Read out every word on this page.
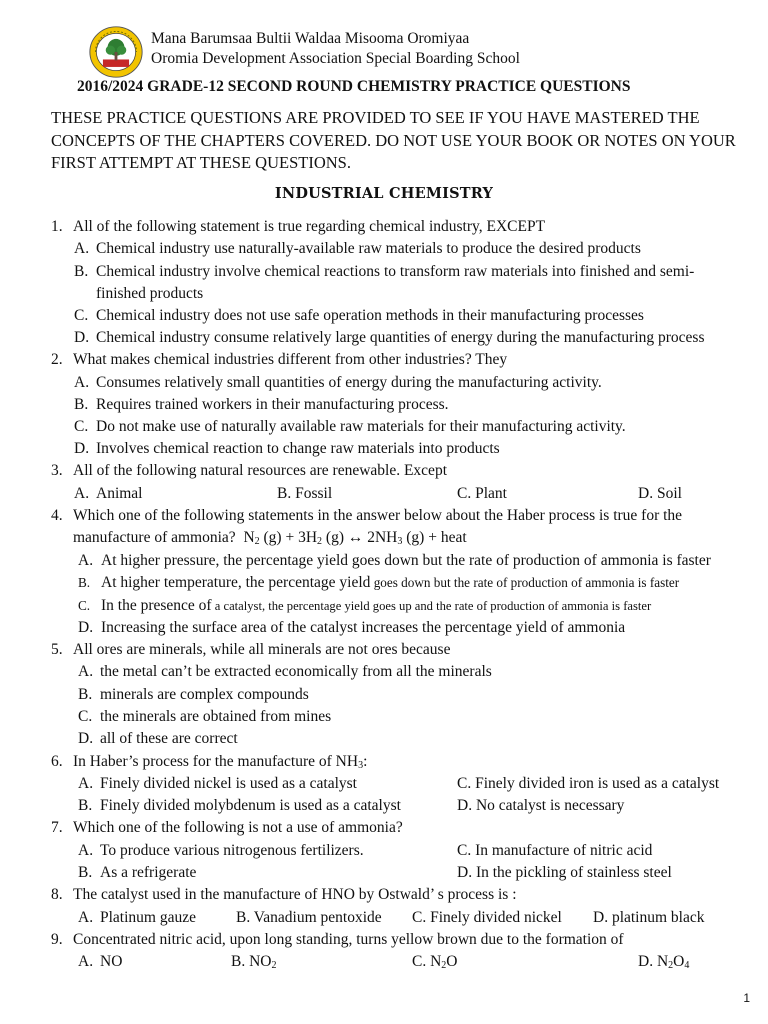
Mana Barumsaa Bultii Waldaa Misooma Oromiyaa
Oromia Development Association Special Boarding School
2016/2024 GRADE-12 SECOND ROUND CHEMISTRY PRACTICE QUESTIONS
THESE PRACTICE QUESTIONS ARE PROVIDED TO SEE IF YOU HAVE MASTERED THE
CONCEPTS OF THE CHAPTERS COVERED. DO NOT USE YOUR BOOK OR NOTES ON YOUR
FIRST ATTEMPT AT THESE QUESTIONS.
INDUSTRIAL CHEMISTRY
1. All of the following statement is true regarding chemical industry, EXCEPT
A. Chemical industry use naturally-available raw materials to produce the desired products
B. Chemical industry involve chemical reactions to transform raw materials into finished and semi-
finished products
C. Chemical industry does not use safe operation methods in their manufacturing processes
D. Chemical industry consume relatively large quantities of energy during the manufacturing process
2. What makes chemical industries different from other industries? They
A. Consumes relatively small quantities of energy during the manufacturing activity.
B. Requires trained workers in their manufacturing process.
C. Do not make use of naturally available raw materials for their manufacturing activity.
D. Involves chemical reaction to change raw materials into products
3. All of the following natural resources are renewable. Except
A. Animal	B. Fossil	C. Plant	D. Soil
4. Which one of the following statements in the answer below about the Haber process is true for the
manufacture of ammonia? $N_2$ $(g) + 3H_2$ (g) ↔ $2NH_3$ (g) + heat
A. At higher pressure, the percentage yield goes down but the rate of production of ammonia is faster
B. At higher temperature, the percentage yield goes down but the rate of production of ammonia is faster
C. In the presence of a catalyst, the percentage yield goes up and the rate of production of ammonia is faster
D. Increasing the surface area of the catalyst increases the percentage yield of ammonia
5. All ores are minerals, while all minerals are not ores because
A. the metal can’t be extracted economically from all the minerals
B. minerals are complex compounds
C. the minerals are obtained from mines
D. all of these are correct
6. In Haber’s process for the manufacture of $NH_3$:
A. Finely divided nickel is used as a catalyst	C. Finely divided iron is used as a catalyst
B. Finely divided molybdenum is used as a catalyst	D. No catalyst is necessary
7. Which one of the following is not a use of ammonia?
A. To produce various nitrogenous fertilizers.	C. In manufacture of nitric acid
B. As a refrigerate	D. In the pickling of stainless steel
8. The catalyst used in the manufacture of HNO by Ostwald’ s process is :
A. Platinum gauze	B. Vanadium pentoxide C. Finely divided nickel D. platinum black
9. Concentrated nitric acid, upon long standing, turns yellow brown due to the formation of
A. NO	B. $NO_2$	C. $N_2O$	D. $N_2O_4$
1
